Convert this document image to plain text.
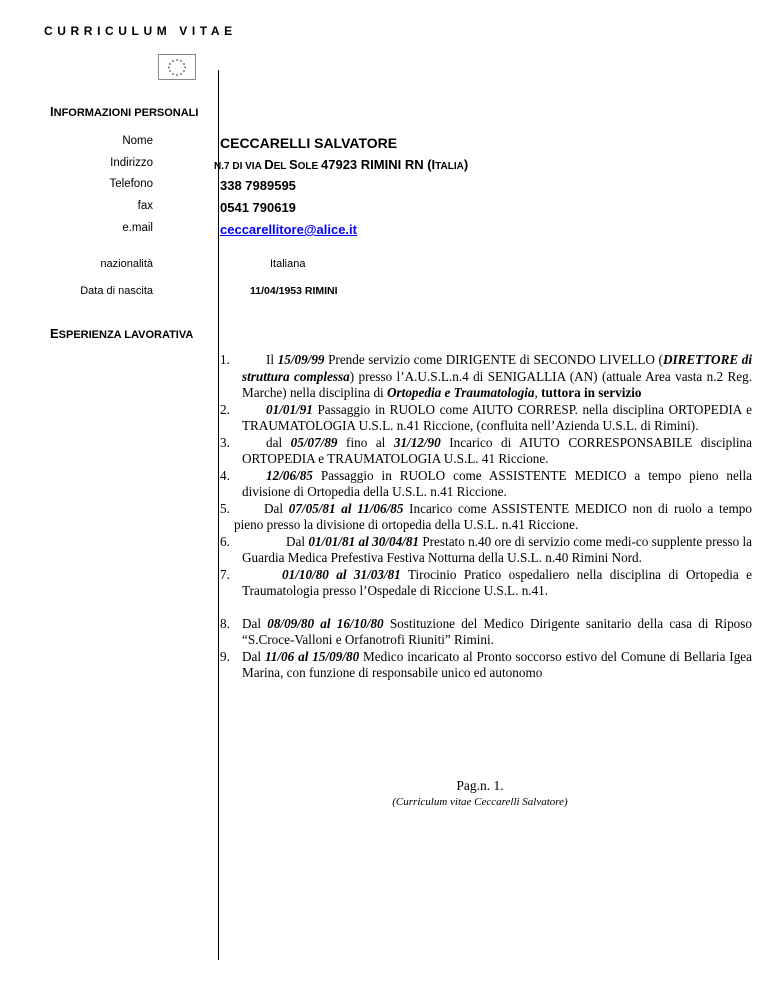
CURRICULUM VITAE
INFORMAZIONI PERSONALI
Nome	CECCARELLI SALVATORE
Indirizzo	N.7 DI VIA DEL SOLE 47923 RIMINI RN (ITALIA)
Telefono	338 7989595
fax	0541 790619
e.mail	ceccarellitore@alice.it
nazionalità	Italiana
Data di nascita	11/04/1953 RIMINI
ESPERIENZA LAVORATIVA
1.	Il 15/09/99 Prende servizio come DIRIGENTE di SECONDO LIVELLO (DIRETTORE di struttura complessa) presso l’A.U.S.L.n.4 di SENIGALLIA (AN) (attuale Area vasta n.2 Reg. Marche) nella disciplina di Ortopedia e Traumatologia, tuttora in servizio

2.	01/01/91 Passaggio in RUOLO come AIUTO CORRESP. nella disciplina ORTOPEDIA e TRAUMATOLOGIA U.S.L. n.41 Riccione, (confluita nell’Azienda U.S.L. di Rimini).

3.	dal 05/07/89 fino al 31/12/90 Incarico di AIUTO CORRESPONSABILE disciplina ORTOPEDIA e TRAUMATOLOGIA U.S.L. 41 Riccione.

4.	12/06/85 Passaggio in RUOLO come ASSISTENTE MEDICO a tempo pieno nella divisione di Ortopedia della U.S.L. n.41 Riccione.

5.	Dal 07/05/81 al 11/06/85 Incarico come ASSISTENTE MEDICO non di ruolo a tempo pieno presso la divisione di ortopedia della U.S.L. n.41 Riccione.

6.	Dal 01/01/81 al 30/04/81 Prestato n.40 ore di servizio come medi-co supplente presso la Guardia Medica Prefestiva Festiva Notturna della U.S.L. n.40 Rimini Nord.

7.	01/10/80 al 31/03/81 Tirocinio Pratico ospedaliero nella disciplina di Ortopedia e Traumatologia presso l’Ospedale di Riccione U.S.L. n.41.

8. Dal 08/09/80 al 16/10/80 Sostituzione del Medico Dirigente sanitario della casa di Riposo “S.Croce-Valloni e Orfanotrofi Riuniti” Rimini.

9. Dal 11/06 al 15/09/80 Medico incaricato al Pronto soccorso estivo del Comune di Bellaria Igea Marina, con funzione di responsabile unico ed autonomo

Pag.n. 1.
(Curriculum vitae Ceccarelli Salvatore)
